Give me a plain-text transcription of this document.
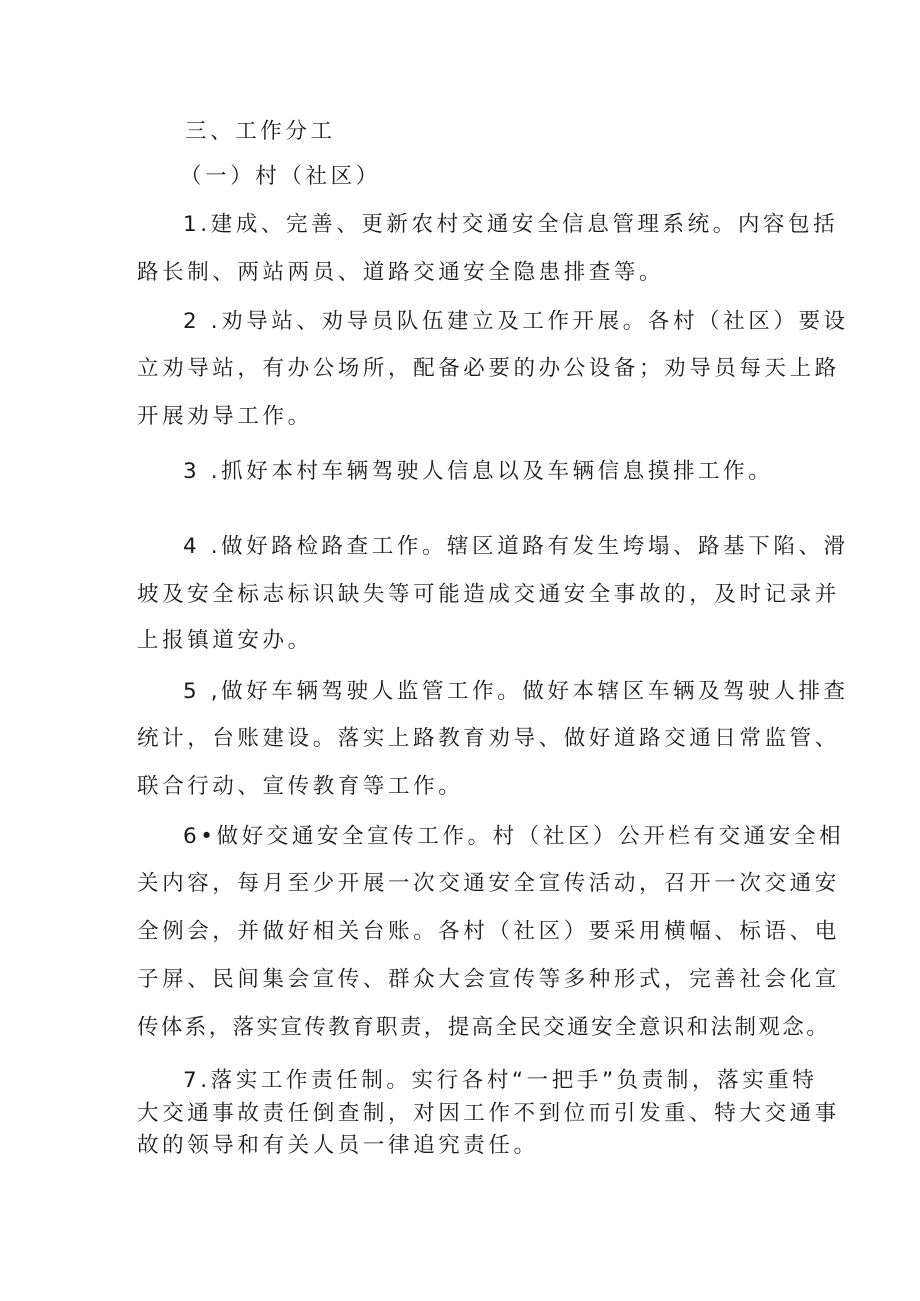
三、工作分工
（一）村（社区）
1.建成、完善、更新农村交通安全信息管理系统。内容包括
路长制、两站两员、道路交通安全隐患排查等。
2 .劝导站、劝导员队伍建立及工作开展。各村（社区）要设
立劝导站，有办公场所，配备必要的办公设备；劝导员每天上路
开展劝导工作。
3 .抓好本村车辆驾驶人信息以及车辆信息摸排工作。
4 .做好路检路查工作。辖区道路有发生垮塌、路基下陷、滑
坡及安全标志标识缺失等可能造成交通安全事故的，及时记录并
上报镇道安办。
5 ,做好车辆驾驶人监管工作。做好本辖区车辆及驾驶人排查
统计，台账建设。落实上路教育劝导、做好道路交通日常监管、
联合行动、宣传教育等工作。
6•做好交通安全宣传工作。村（社区）公开栏有交通安全相
关内容，每月至少开展一次交通安全宣传活动，召开一次交通安
全例会，并做好相关台账。各村（社区）要采用横幅、标语、电
子屏、民间集会宣传、群众大会宣传等多种形式，完善社会化宣
传体系，落实宣传教育职责，提高全民交通安全意识和法制观念。
7.落实工作责任制。实行各村“一把手”负责制，落实重特
大交通事故责任倒查制，对因工作不到位而引发重、特大交通事
故的领导和有关人员一律追究责任。
